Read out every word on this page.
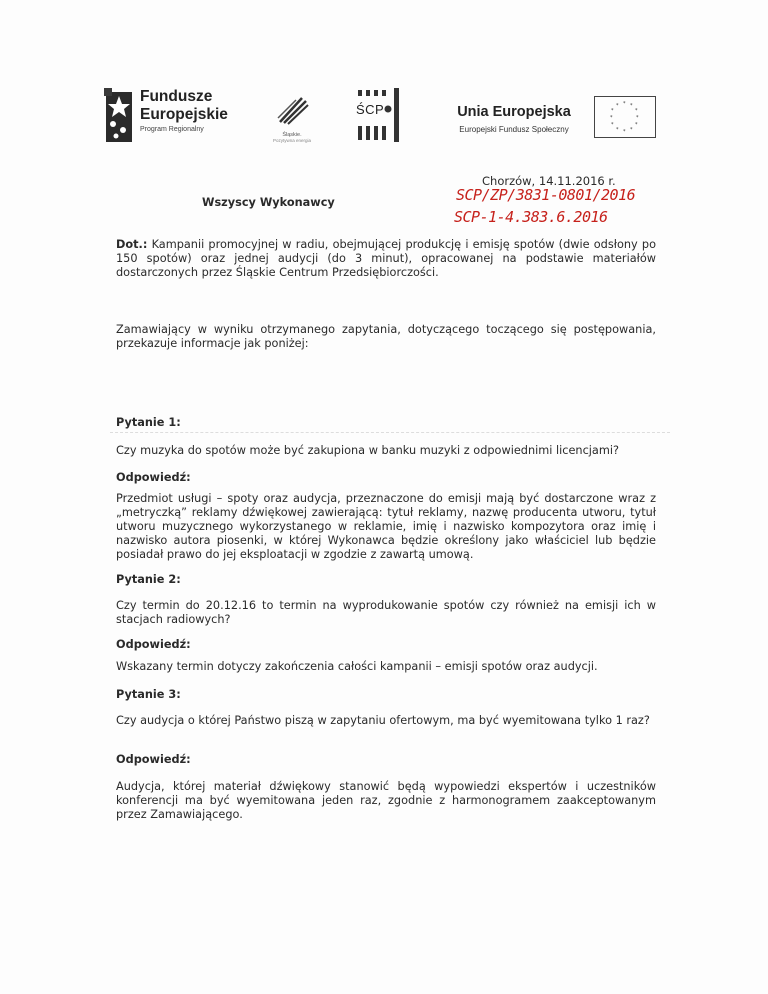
Fundusze
Europejskie
Program Regionalny
Śląskie.
Pozytywna energia
ŚCP	Unia Europejska
Europejski Fundusz Społeczny
* *
*
*
*
*
*
*
*
*
*
*
Chorzów, 14.11.2016 r.
SCP/ZP/3831-0801/2016
Wszyscy Wykonawcy
SCP-1-4.383.6.2016
Dot.: Kampanii promocyjnej w radiu, obejmującej produkcję i emisję spotów (dwie odsłony po 150 spotów) oraz jednej audycji (do 3 minut), opracowanej na podstawie materiałów dostarczonych przez Śląskie Centrum Przedsiębiorczości.
Zamawiający w wyniku otrzymanego zapytania, dotyczącego toczącego się postępowania, przekazuje informacje jak poniżej:
Pytanie 1:
Czy muzyka do spotów może być zakupiona w banku muzyki z odpowiednimi licencjami?
Odpowiedź:
Przedmiot usługi – spoty oraz audycja, przeznaczone do emisji mają być dostarczone wraz z „metryczką” reklamy dźwiękowej zawierającą: tytuł reklamy, nazwę producenta utworu, tytuł utworu muzycznego wykorzystanego w reklamie, imię i nazwisko kompozytora oraz imię i nazwisko autora piosenki, w której Wykonawca będzie określony jako właściciel lub będzie posiadał prawo do jej eksploatacji w zgodzie z zawartą umową.
Pytanie 2:
Czy termin do 20.12.16 to termin na wyprodukowanie spotów czy również na emisji ich w stacjach radiowych?
Odpowiedź:
Wskazany termin dotyczy zakończenia całości kampanii – emisji spotów oraz audycji.
Pytanie 3:
Czy audycja o której Państwo piszą w zapytaniu ofertowym, ma być wyemitowana tylko 1 raz?
Odpowiedź:
Audycja, której materiał dźwiękowy stanowić będą wypowiedzi ekspertów i uczestników konferencji ma być wyemitowana jeden raz, zgodnie z harmonogramem zaakceptowanym przez Zamawiającego.
